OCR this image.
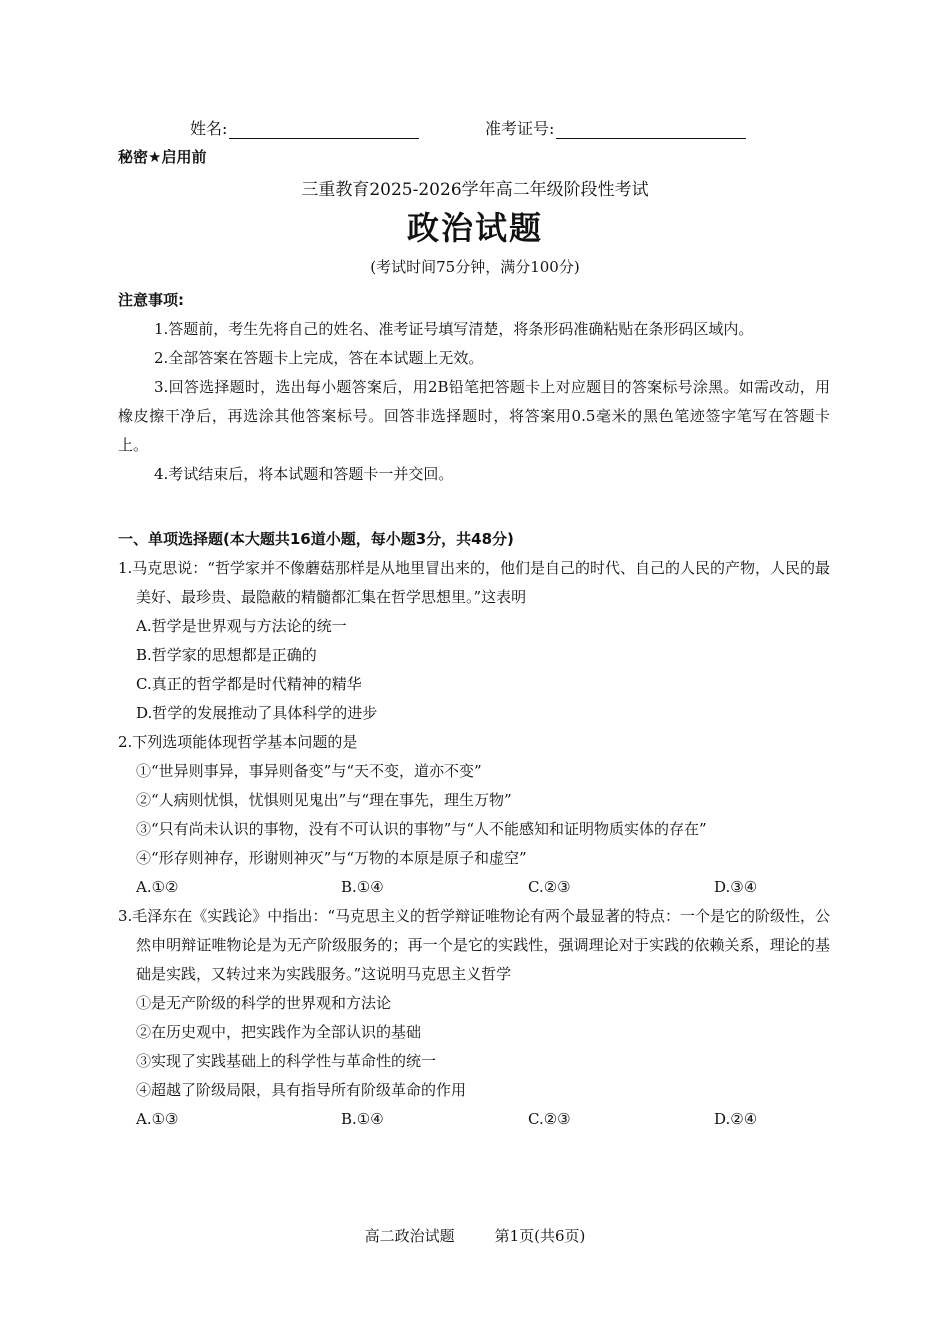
姓名:	准考证号:
秘密★启用前
三重教育2025-2026学年高二年级阶段性考试
政治试题
(考试时间75分钟，满分100分)
注意事项:

1.答题前，考生先将自己的姓名、准考证号填写清楚，将条形码准确粘贴在条形码区域内。

2.全部答案在答题卡上完成，答在本试题上无效。

3.回答选择题时，选出每小题答案后，用2B铅笔把答题卡上对应题目的答案标号涂黑。如需改动，用橡皮擦干净后，再选涂其他答案标号。回答非选择题时，将答案用0.5毫米的黑色笔迹签字笔写在答题卡上。

4.考试结束后，将本试题和答题卡一并交回。

一、单项选择题(本大题共16道小题，每小题3分，共48分)

1.马克思说：“哲学家并不像蘑菇那样是从地里冒出来的，他们是自己的时代、自己的人民的产物，人民的最美好、最珍贵、最隐蔽的精髓都汇集在哲学思想里。”这表明

A.哲学是世界观与方法论的统一

B.哲学家的思想都是正确的

C.真正的哲学都是时代精神的精华

D.哲学的发展推动了具体科学的进步

2.下列选项能体现哲学基本问题的是

①“世异则事异，事异则备变”与“天不变，道亦不变”

②“人病则忧惧，忧惧则见鬼出”与“理在事先，理生万物”

③“只有尚未认识的事物，没有不可认识的事物”与“人不能感知和证明物质实体的存在”

④“形存则神存，形谢则神灭”与“万物的本原是原子和虚空”

A.①②	B.①④	C.②③	D.③④

3.毛泽东在《实践论》中指出：“马克思主义的哲学辩证唯物论有两个最显著的特点：一个是它的阶级性，公然申明辩证唯物论是为无产阶级服务的；再一个是它的实践性，强调理论对于实践的依赖关系，理论的基础是实践，又转过来为实践服务。”这说明马克思主义哲学

①是无产阶级的科学的世界观和方法论

②在历史观中，把实践作为全部认识的基础

③实现了实践基础上的科学性与革命性的统一

④超越了阶级局限，具有指导所有阶级革命的作用

A.①③	B.①④	C.②③	D.②④
高二政治试题	第1页(共6页)
